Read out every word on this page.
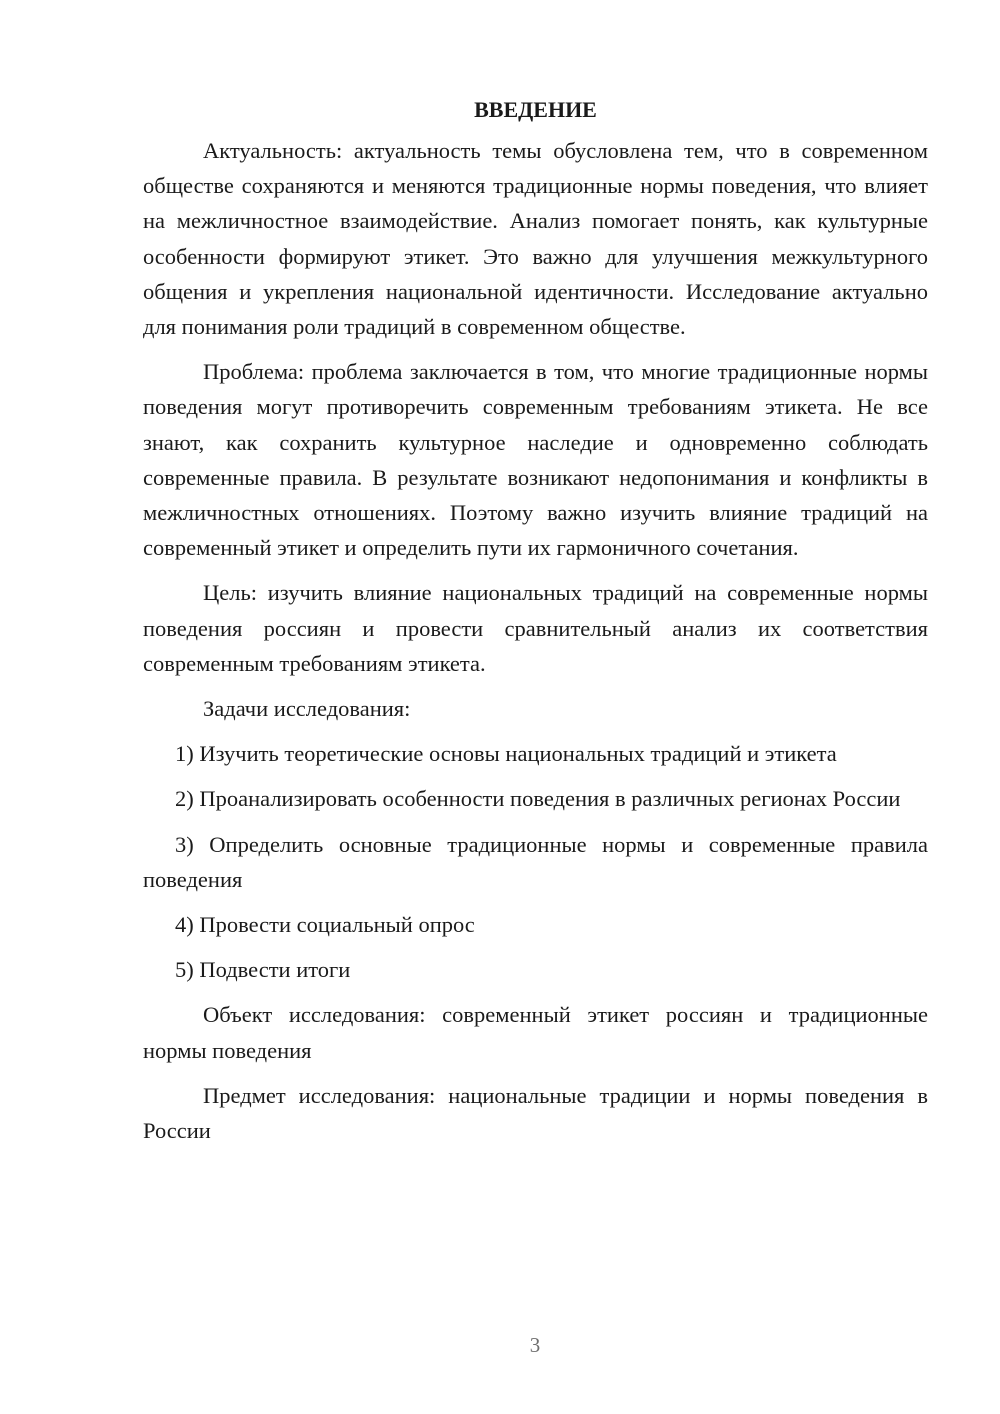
ВВЕДЕНИЕ

Актуальность: актуальность темы обусловлена тем, что в современном обществе сохраняются и меняются традиционные нормы поведения, что влияет на межличностное взаимодействие. Анализ помогает понять, как культурные особенности формируют этикет. Это важно для улучшения межкультурного общения и укрепления национальной идентичности. Исследование актуально для понимания роли традиций в современном обществе.

Проблема: проблема заключается в том, что многие традиционные нормы поведения могут противоречить современным требованиям этикета. Не все знают, как сохранить культурное наследие и одновременно соблюдать современные правила. В результате возникают недопонимания и конфликты в межличностных отношениях. Поэтому важно изучить влияние традиций на современный этикет и определить пути их гармоничного сочетания.

Цель: изучить влияние национальных традиций на современные нормы поведения россиян и провести сравнительный анализ их соответствия современным требованиям этикета.

Задачи исследования:

1) Изучить теоретические основы национальных традиций и этикета

2) Проанализировать особенности поведения в различных регионах России

3) Определить основные традиционные нормы и современные правила поведения

4) Провести социальный опрос

5) Подвести итоги

Объект исследования: современный этикет россиян и традиционные нормы поведения

Предмет исследования: национальные традиции и нормы поведения в России

3
